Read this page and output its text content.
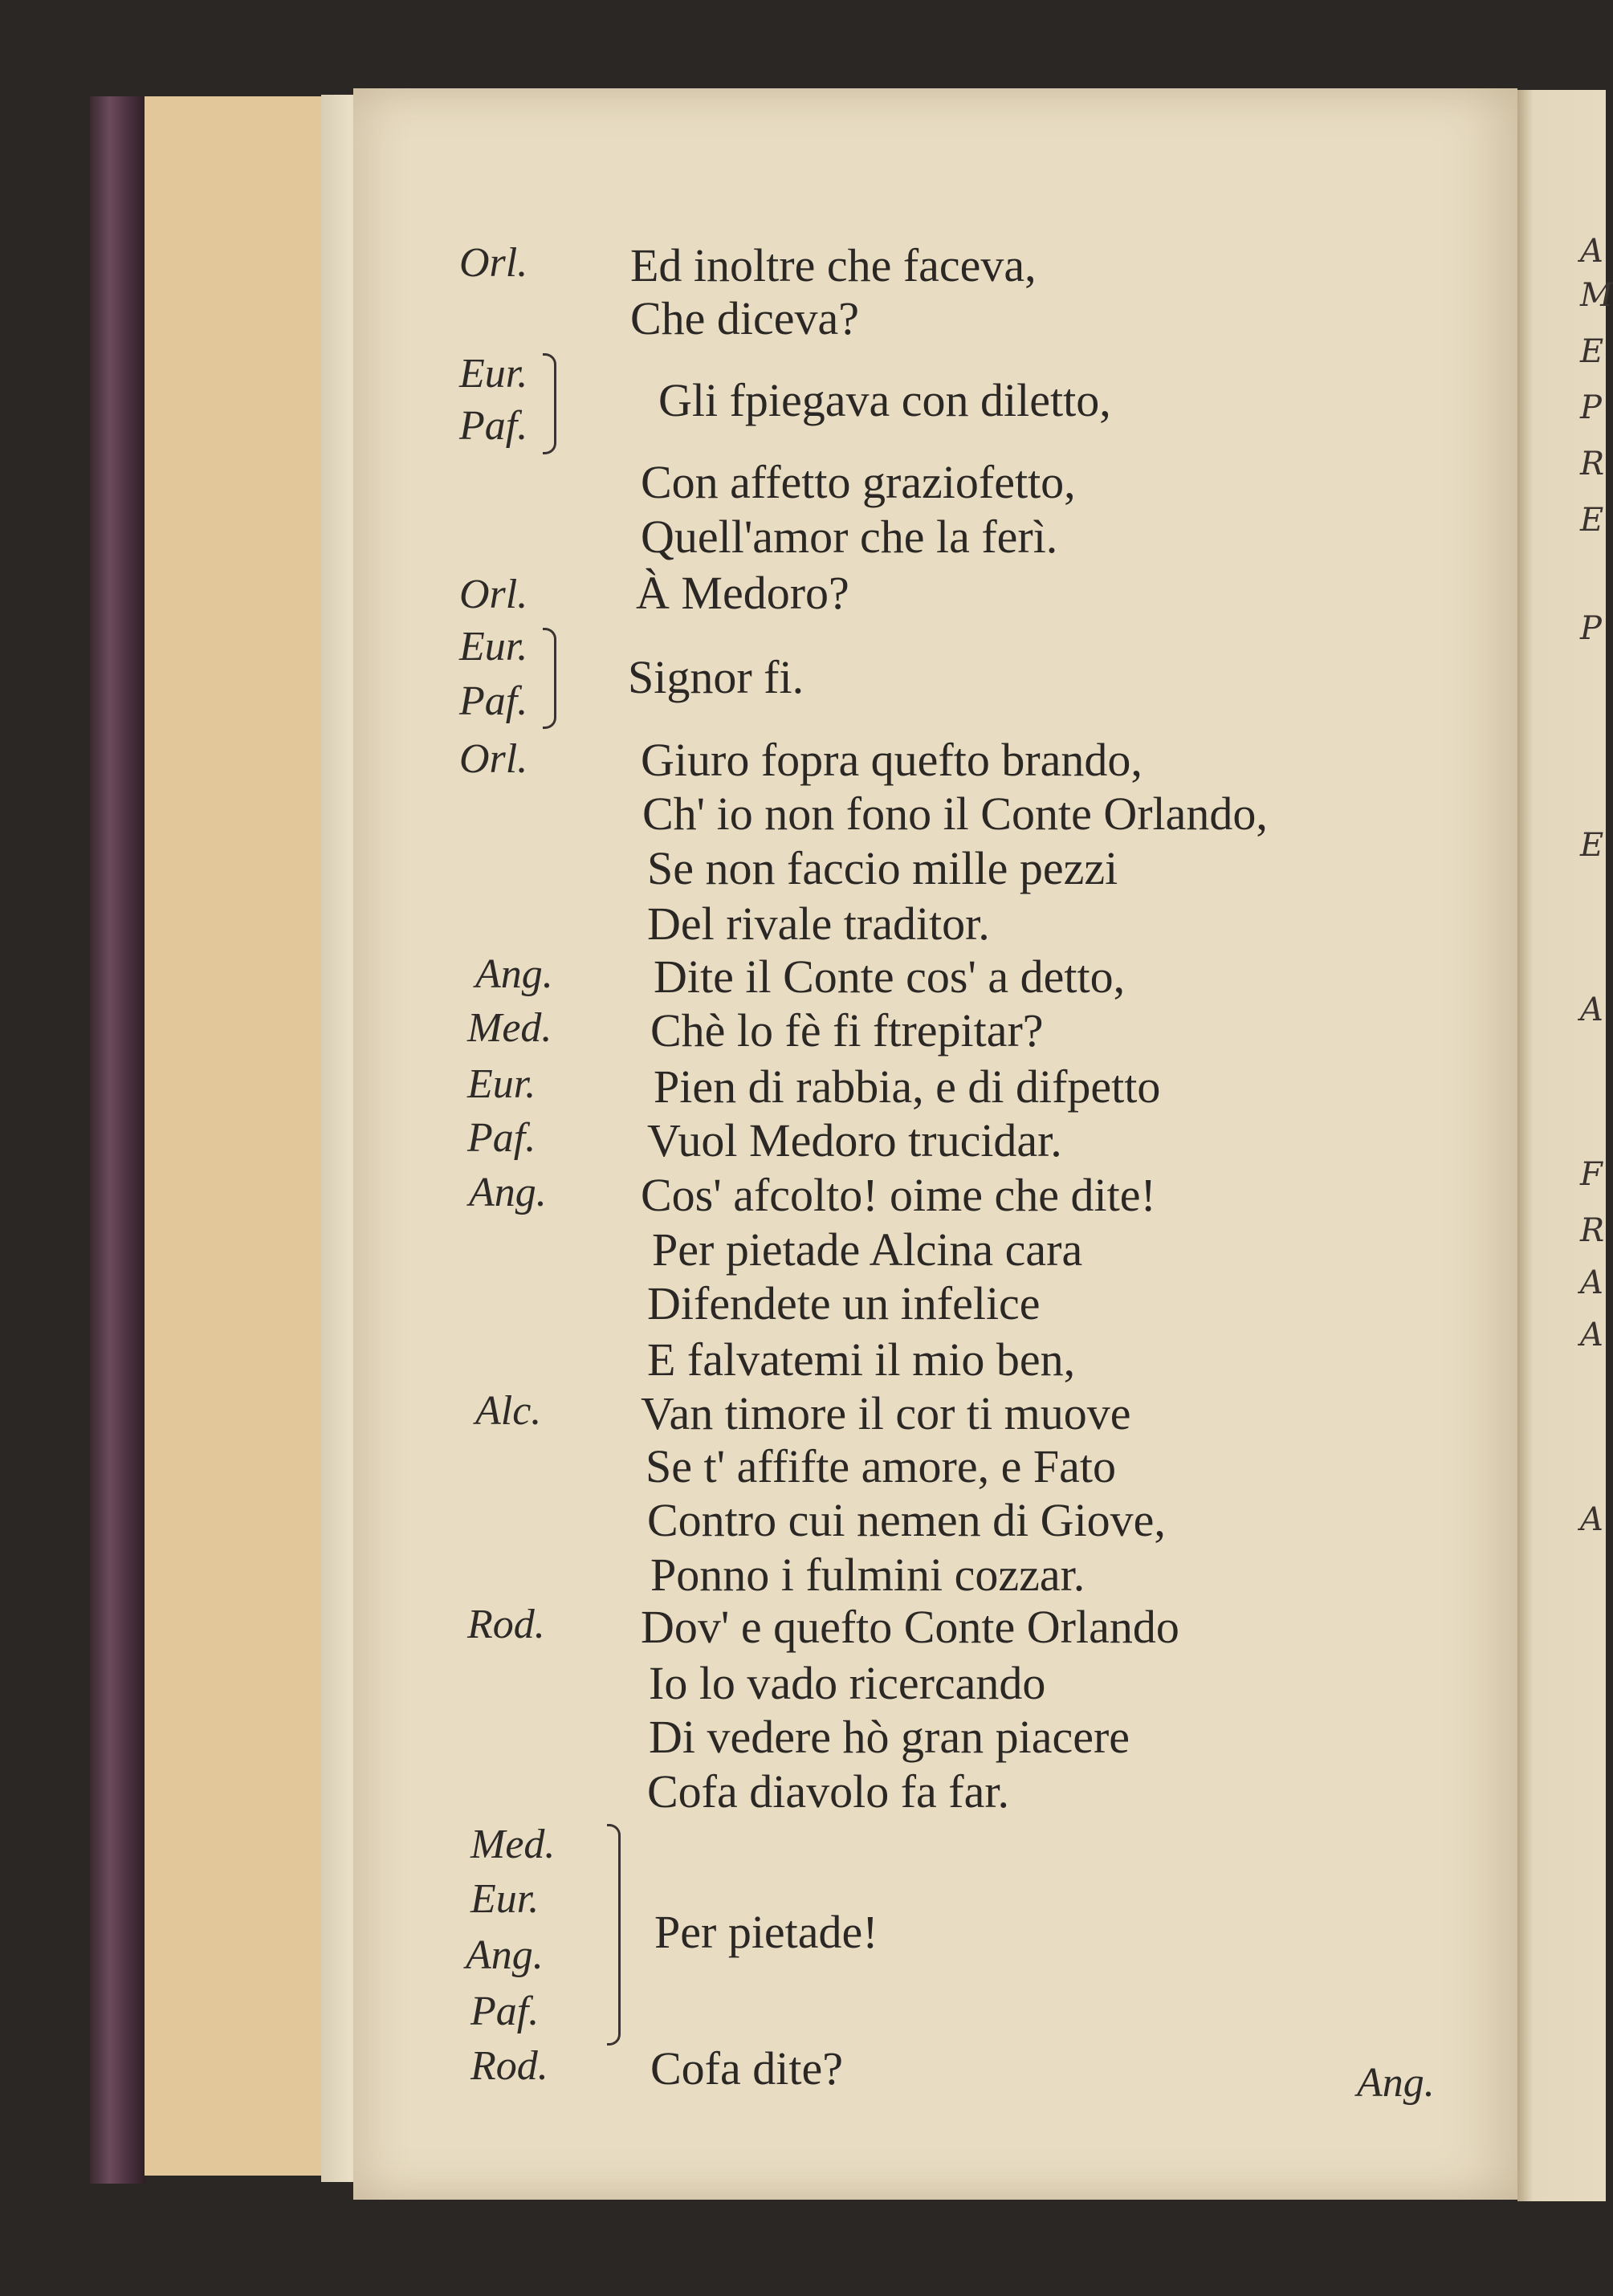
A
M
E
P
R
E
P
E
A
F
R
A
A
A
Orl.
Eur.
Paf.
Orl.
Eur.
Paf.
Orl.
Ang.
Med.
Eur.
Paf.
Ang.
Alc.
Rod.
Med.
Eur.
Ang.
Paf.
Rod.
Ed inoltre che faceva,
Che diceva?
Gli fpiegava con diletto,
Con affetto graziofetto,
Quell'amor che la ferì.
À Medoro?
Signor fi.
Giuro fopra quefto brando,
Ch' io non fono il Conte Orlando,
Se non faccio mille pezzi
Del rivale traditor.
Dite il Conte cos' a detto,
Chè lo fè fi ftrepitar?
Pien di rabbia, e di difpetto
Vuol Medoro trucidar.
Cos' afcolto! oime che dite!
Per pietade Alcina cara
Difendete un infelice
E falvatemi il mio ben,
Van timore il cor ti muove
Se t' affifte amore, e Fato
Contro cui nemen di Giove,
Ponno i fulmini cozzar.
Dov' e quefto Conte Orlando
Io lo vado ricercando
Di vedere hò gran piacere
Cofa diavolo fa far.
Per pietade!
Cofa dite?	Ang.
